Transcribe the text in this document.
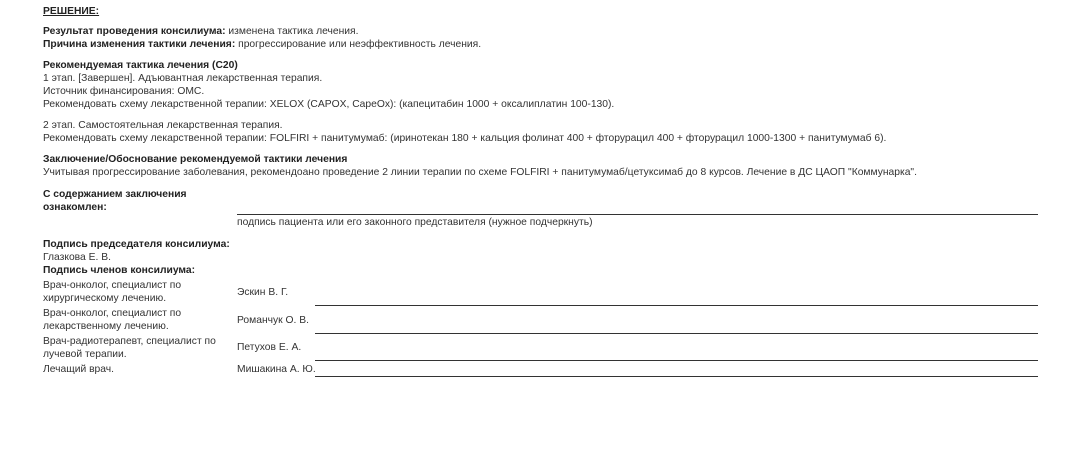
РЕШЕНИЕ:
Результат проведения консилиума: изменена тактика лечения.
Причина изменения тактики лечения: прогрессирование или неэффективность лечения.
Рекомендуемая тактика лечения (C20)
1 этап. [Завершен]. Адъювантная лекарственная терапия.
Источник финансирования: ОМС.
Рекомендовать схему лекарственной терапии: XELOX (CAPOX, CapeOx): (капецитабин 1000 + оксалиплатин 100-130).
2 этап. Самостоятельная лекарственная терапия.
Рекомендовать схему лекарственной терапии: FOLFIRI + панитумумаб: (иринотекан 180 + кальция фолинат 400 + фторурацил 400 + фторурацил 1000-1300 + панитумумаб 6).
Заключение/Обоснование рекомендуемой тактики лечения
Учитывая прогрессирование заболевания, рекомендоано проведение 2 линии терапии по схеме FOLFIRI + панитумумаб/цетуксимаб до 8 курсов. Лечение в ДС ЦАОП "Коммунарка".
С содержанием заключения
ознакомлен:
подпись пациента или его законного представителя (нужное подчеркнуть)
Подпись председателя консилиума:
Глазкова Е. В.
Подпись членов консилиума:
Врач-онколог, специалист по
хирургическому лечению.
Эскин В. Г.
Врач-онколог, специалист по
лекарственному лечению.
Романчук О. В.
Врач-радиотерапевт, специалист по
лучевой терапии.
Петухов Е. А.
Лечащий врач.	Мишакина А. Ю.
